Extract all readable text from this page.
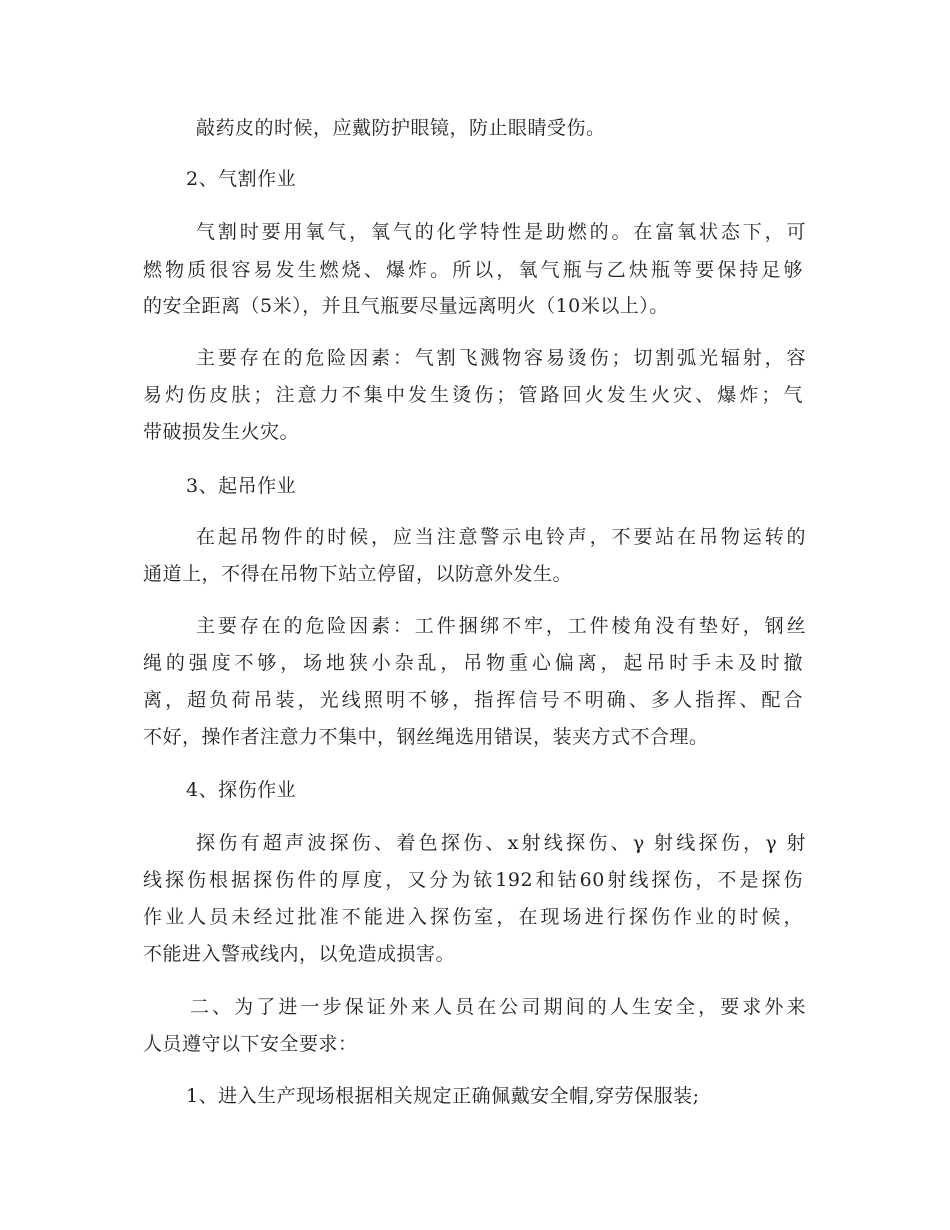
敲药皮的时候，应戴防护眼镜，防止眼睛受伤。
2、气割作业
气割时要用氧气，氧气的化学特性是助燃的。在富氧状态下，可
燃物质很容易发生燃烧、爆炸。所以，氧气瓶与乙炔瓶等要保持足够
的安全距离（5米），并且气瓶要尽量远离明火（10米以上）。
主要存在的危险因素：气割飞溅物容易烫伤；切割弧光辐射，容
易灼伤皮肤；注意力不集中发生烫伤；管路回火发生火灾、爆炸；气
带破损发生火灾。
3、起吊作业
在起吊物件的时候，应当注意警示电铃声，不要站在吊物运转的
通道上，不得在吊物下站立停留，以防意外发生。
主要存在的危险因素：工件捆绑不牢，工件棱角没有垫好，钢丝
绳的强度不够，场地狭小杂乱，吊物重心偏离，起吊时手未及时撤
离，超负荷吊装，光线照明不够，指挥信号不明确、多人指挥、配合
不好，操作者注意力不集中，钢丝绳选用错误，装夹方式不合理。
4、探伤作业
探伤有超声波探伤、着色探伤、x射线探伤、γ 射线探伤，γ 射
线探伤根据探伤件的厚度，又分为铱192和钴60射线探伤，不是探伤
作业人员未经过批准不能进入探伤室，在现场进行探伤作业的时候，
不能进入警戒线内，以免造成损害。
二、为了进一步保证外来人员在公司期间的人生安全，要求外来
人员遵守以下安全要求：
1、进入生产现场根据相关规定正确佩戴安全帽,穿劳保服装;
